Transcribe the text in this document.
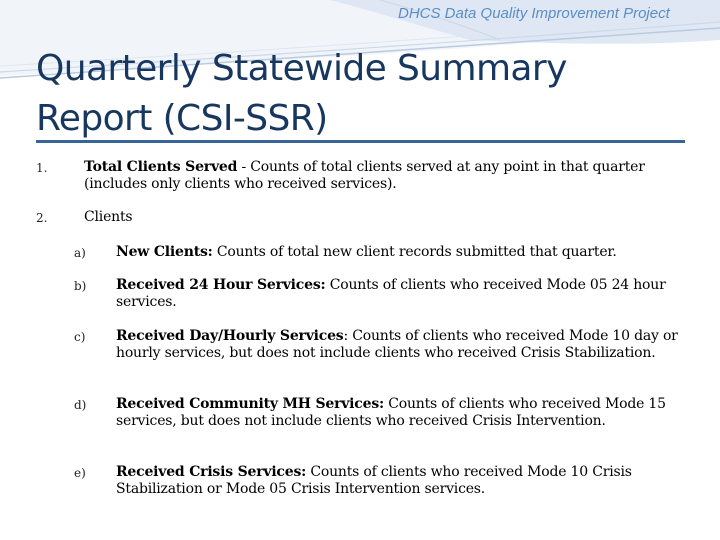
DHCS Data Quality Improvement Project
Quarterly Statewide Summary Report (CSI-SSR)
1.	Total Clients Served - Counts of total clients served at any point in that quarter (includes only clients who received services).
2.	Clients
a) New Clients: Counts of total new client records submitted that quarter.
b) Received 24 Hour Services: Counts of clients who received Mode 05 24 hour services.
c) Received Day/Hourly Services: Counts of clients who received Mode 10 day or hourly services, but does not include clients who received Crisis Stabilization.
d) Received Community MH Services: Counts of clients who received Mode 15 services, but does not include clients who received Crisis Intervention.
e) Received Crisis Services: Counts of clients who received Mode 10 Crisis Stabilization or Mode 05 Crisis Intervention services.
